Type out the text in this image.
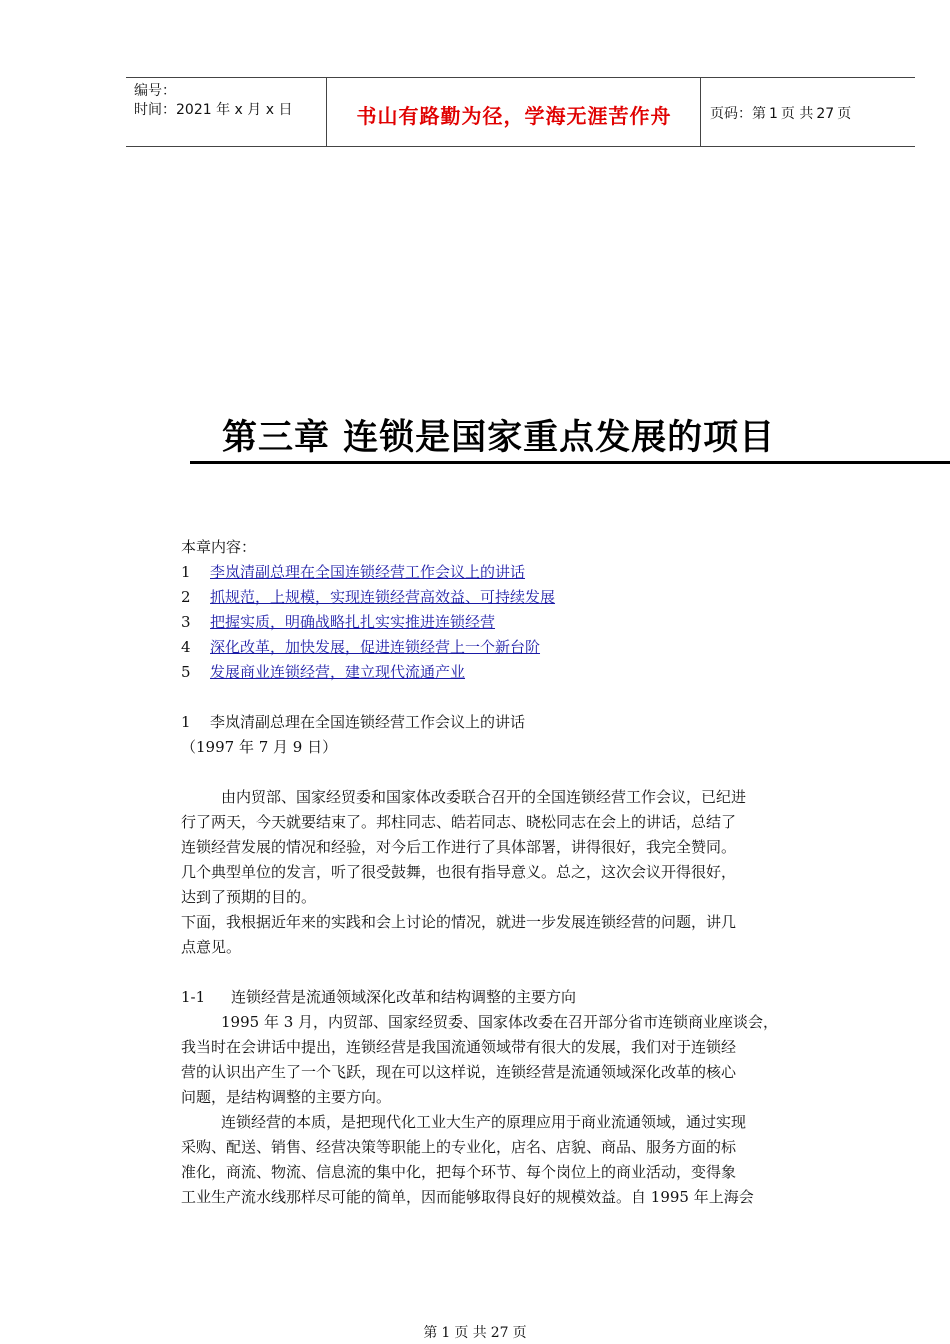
编号：
时间：2021 年 x 月 x 日	书山有路勤为径，学海无涯苦作舟	页码：第 1 页 共 27 页
第三章 连锁是国家重点发展的项目
本章内容：
1 李岚清副总理在全国连锁经营工作会议上的讲话
2 抓规范，上规模，实现连锁经营高效益、可持续发展
3 把握实质，明确战略扎扎实实推进连锁经营
4 深化改革，加快发展，促进连锁经营上一个新台阶
5 发展商业连锁经营，建立现代流通产业
1 李岚清副总理在全国连锁经营工作会议上的讲话
（1997 年 7 月 9 日）
由内贸部、国家经贸委和国家体改委联合召开的全国连锁经营工作会议，已纪进
行了两天，今天就要结束了。邦柱同志、皓若同志、晓松同志在会上的讲话，总结了
连锁经营发展的情况和经验，对今后工作进行了具体部署，讲得很好，我完全赞同。
几个典型单位的发言，听了很受鼓舞，也很有指导意义。总之，这次会议开得很好，
达到了预期的目的。
下面，我根据近年来的实践和会上讨论的情况，就进一步发展连锁经营的问题，讲几
点意见。
1-1 连锁经营是流通领域深化改革和结构调整的主要方向
1995 年 3 月，内贸部、国家经贸委、国家体改委在召开部分省市连锁商业座谈会，
我当时在会讲话中提出，连锁经营是我国流通领域带有很大的发展，我们对于连锁经
营的认识出产生了一个飞跃，现在可以这样说，连锁经营是流通领域深化改革的核心
问题，是结构调整的主要方向。
连锁经营的本质，是把现代化工业大生产的原理应用于商业流通领域，通过实现
采购、配送、销售、经营决策等职能上的专业化，店名、店貌、商品、服务方面的标
准化，商流、物流、信息流的集中化，把每个环节、每个岗位上的商业活动，变得象
工业生产流水线那样尽可能的简单，因而能够取得良好的规模效益。自 1995 年上海会
第 1 页 共 27 页
